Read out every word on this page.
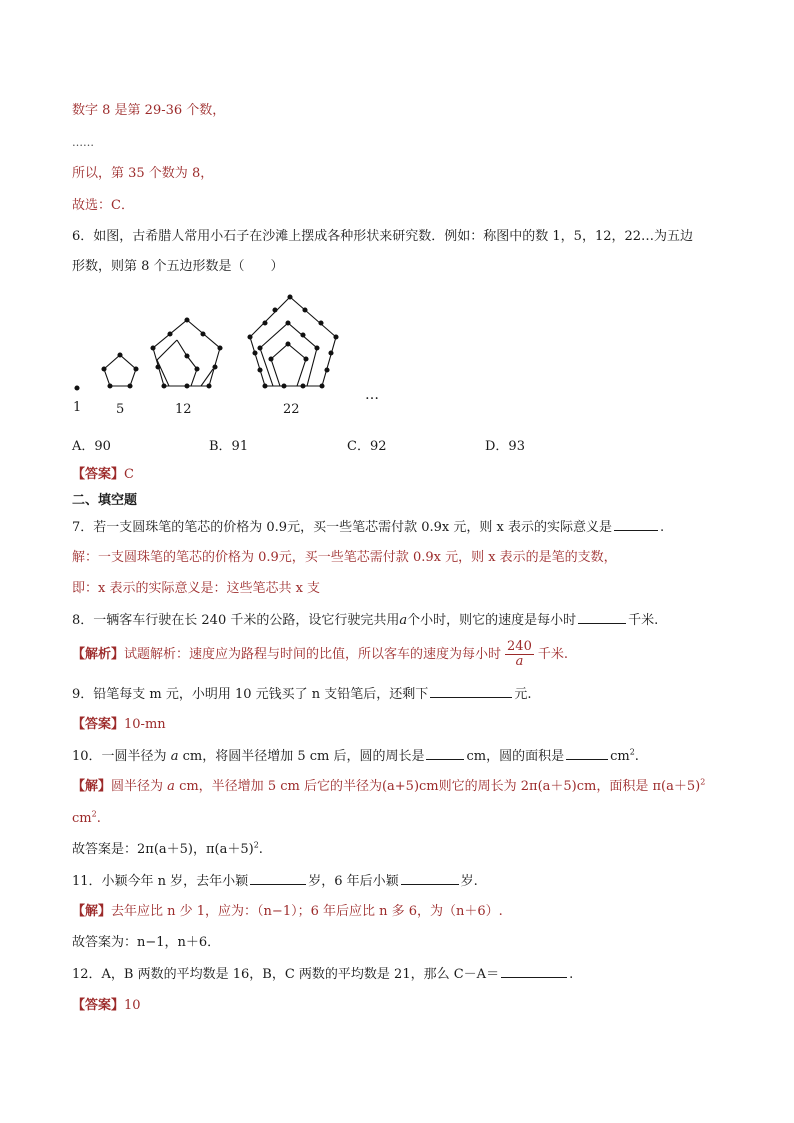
数字 8 是第 29-36 个数，
……
所以，第 35 个数为 8，
故选：C．
6．如图，古希腊人常用小石子在沙滩上摆成各种形状来研究数．例如：称图中的数 1，5，12，22…为五边
形数，则第 8 个五边形数是（　　）
1	5	12	22
…
A．90	B．91	C．92	D．93
【答案】C
二、填空题
7．若一支圆珠笔的笔芯的价格为 0.9元，买一些笔芯需付款 0.9x 元，则 x 表示的实际意义是	.
解：一支圆珠笔的笔芯的价格为 0.9元，买一些笔芯需付款 0.9x 元，则 x 表示的是笔的支数，
即：x 表示的实际意义是：这些笔芯共 x 支
8．一辆客车行驶在长 240 千米的公路，设它行驶完共用a个小时，则它的速度是每小时	千米.
【解析】试题解析：速度应为路程与时间的比值，所以客车的速度为每小时 $\frac{240}{a}$ 千米.
9．铅笔每支 m 元，小明用 10 元钱买了 n 支铅笔后，还剩下	元.
【答案】10-mn
10．一圆半径为 a cm，将圆半径增加 5 cm 后，圆的周长是	cm，圆的面积是	$cm^2$.
【解】圆半径为 a cm，半径增加 5 cm 后它的半径为(a+5)cm则它的周长为 2π(a＋5)cm，面积是 $\pi(a+5)^2$
$cm^2$.
故答案是：2π(a＋5)，$\pi(a+5)^2$.
11．小颖今年 n 岁，去年小颖	岁，6 年后小颖	岁.
【解】去年应比 n 少 1，应为：（n−1）；6 年后应比 n 多 6，为（n＋6）.
故答案为：n−1，n＋6．
12．A，B 两数的平均数是 16，B，C 两数的平均数是 21，那么 C－A＝	.
【答案】10
